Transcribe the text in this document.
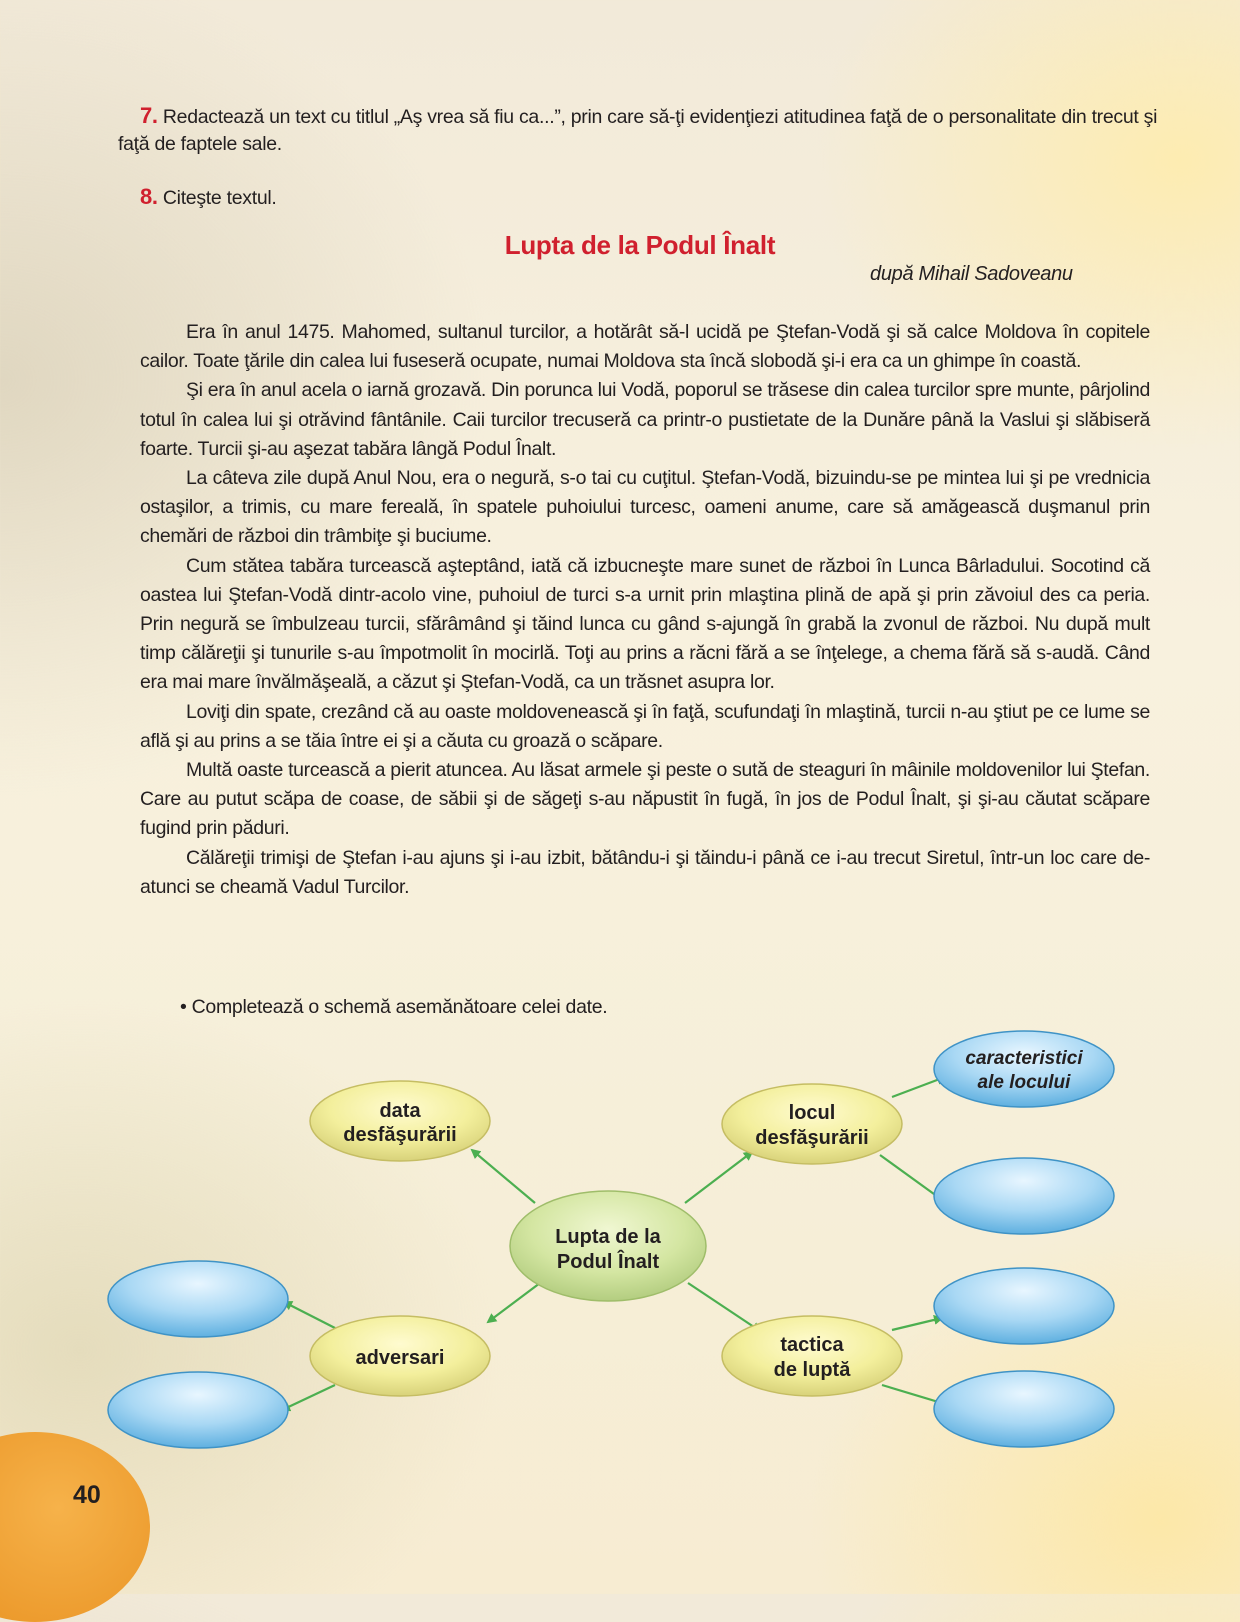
40
7. Redactează un text cu titlul „Aş vrea să fiu ca...”, prin care să-ţi evidenţiezi atitudinea faţă de o personalitate din trecut şi faţă de faptele sale.
8. Citeşte textul.
Lupta de la Podul Înalt
după Mihail Sadoveanu

Era în anul 1475. Mahomed, sultanul turcilor, a hotărât să-l ucidă pe Ştefan-Vodă şi să calce Moldova în copitele cailor. Toate ţările din calea lui fuseseră ocupate, numai Moldova sta încă slobodă şi-i era ca un ghimpe în coastă.

Şi era în anul acela o iarnă grozavă. Din porunca lui Vodă, poporul se trăsese din calea turcilor spre munte, pârjolind totul în calea lui şi otrăvind fântânile. Caii turcilor trecuseră ca printr-o pustietate de la Dunăre până la Vaslui şi slăbiseră foarte. Turcii şi-au aşezat tabăra lângă Podul Înalt.

La câteva zile după Anul Nou, era o negură, s-o tai cu cuţitul. Ştefan-Vodă, bizuindu-se pe mintea lui şi pe vrednicia ostaşilor, a trimis, cu mare fereală, în spatele puhoiului turcesc, oameni anume, care să amăgească duşmanul prin chemări de război din trâmbiţe şi buciume.

Cum stătea tabăra turcească aşteptând, iată că izbucneşte mare sunet de război în Lunca Bârladului. Socotind că oastea lui Ştefan-Vodă dintr-acolo vine, puhoiul de turci s-a urnit prin mlaştina plină de apă şi prin zăvoiul des ca peria. Prin negură se îmbulzeau turcii, sfărâmând şi tăind lunca cu gând s-ajungă în grabă la zvonul de război. Nu după mult timp călăreţii şi tunurile s-au împotmolit în mocirlă. Toţi au prins a răcni fără a se înţelege, a chema fără să s-audă. Când era mai mare învălmăşeală, a căzut şi Ştefan-Vodă, ca un trăsnet asupra lor.

Loviţi din spate, crezând că au oaste moldovenească şi în faţă, scufundaţi în mlaştină, turcii n-au ştiut pe ce lume se află şi au prins a se tăia între ei şi a căuta cu groază o scăpare.

Multă oaste turcească a pierit atuncea. Au lăsat armele şi peste o sută de steaguri în mâinile moldovenilor lui Ştefan. Care au putut scăpa de coase, de săbii şi de săgeţi s-au năpustit în fugă, în jos de Podul Înalt, şi şi-au căutat scăpare fugind prin păduri.

Călăreţii trimişi de Ştefan i-au ajuns şi i-au izbit, bătându-i şi tăindu-i până ce i-au trecut Siretul, într-un loc care de-atunci se cheamă Vadul Turcilor.

• Completează o schemă asemănătoare celei date.
Lupta de la
Podul Înalt
data
desfăşurării
locul
desfăşurării
adversari
tactica
de luptă
caracteristici
ale locului
